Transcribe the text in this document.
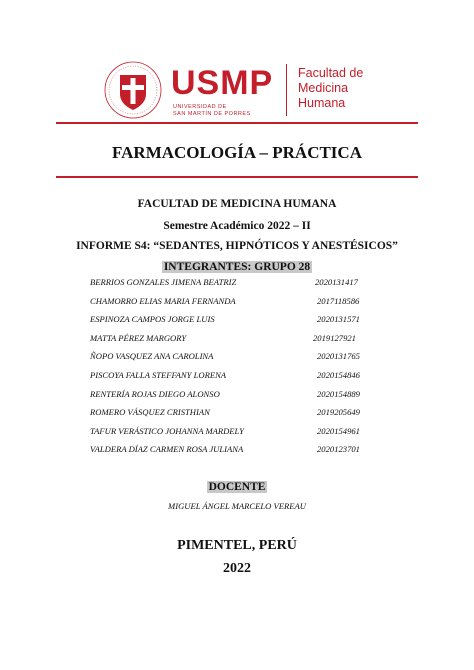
USMP
UNIVERSIDAD DE
SAN MARTÍN DE PORRES
Facultad de
Medicina
Humana
FARMACOLOGÍA – PRÁCTICA
FACULTAD DE MEDICINA HUMANA
Semestre Académico 2022 – II
INFORME S4: “SEDANTES, HIPNÓTICOS Y ANESTÉSICOS”
INTEGRANTES: GRUPO 28
BERRIOS GONZALES JIMENA BEATRIZ	2020131417
CHAMORRO ELIAS MARIA FERNANDA	2017118586
ESPINOZA CAMPOS JORGE LUIS	2020131571
MATTA PÉREZ MARGORY	2019127921
ÑOPO VASQUEZ ANA CAROLINA	2020131765
PISCOYA FALLA STEFFANY LORENA	2020154846
RENTERÍA ROJAS DIEGO ALONSO	2020154889
ROMERO VÁSQUEZ CRISTHIAN	2019205649
TAFUR VERÁSTICO JOHANNA MARDELY	2020154961
VALDERA DÍAZ CARMEN ROSA JULIANA	2020123701
DOCENTE
MIGUEL ÁNGEL MARCELO VEREAU
PIMENTEL, PERÚ
2022
